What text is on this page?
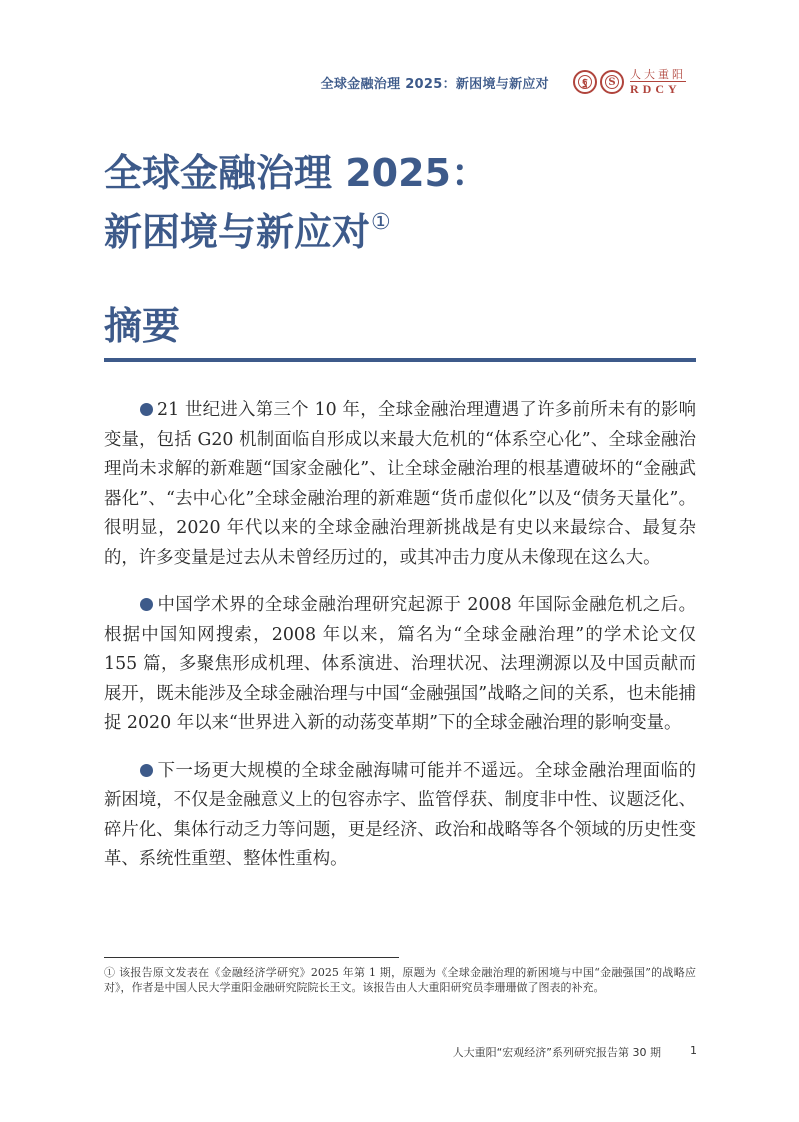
全球金融治理 2025：新困境与新应对	ฐ	S
人大重阳
RDCY
全球金融治理 2025：
新困境与新应对①
摘要

21 世纪进入第三个 10 年，全球金融治理遭遇了许多前所未有的影响变量，包括 G20 机制面临自形成以来最大危机的“体系空心化”、全球金融治理尚未求解的新难题“国家金融化”、让全球金融治理的根基遭破坏的“金融武器化”、“去中心化”全球金融治理的新难题“货币虚似化”以及“债务天量化”。很明显，2020 年代以来的全球金融治理新挑战是有史以来最综合、最复杂的，许多变量是过去从未曾经历过的，或其冲击力度从未像现在这么大。

中国学术界的全球金融治理研究起源于 2008 年国际金融危机之后。根据中国知网搜索，2008 年以来，篇名为“全球金融治理”的学术论文仅 155 篇，多聚焦形成机理、体系演进、治理状况、法理溯源以及中国贡献而展开，既未能涉及全球金融治理与中国“金融强国”战略之间的关系，也未能捕捉 2020 年以来“世界进入新的动荡变革期”下的全球金融治理的影响变量。

下一场更大规模的全球金融海啸可能并不遥远。全球金融治理面临的新困境，不仅是金融意义上的包容赤字、监管俘获、制度非中性、议题泛化、碎片化、集体行动乏力等问题，更是经济、政治和战略等各个领域的历史性变革、系统性重塑、整体性重构。

① 该报告原文发表在《金融经济学研究》2025 年第 1 期，原题为《全球金融治理的新困境与中国“金融强国”的战略应对》，作者是中国人民大学重阳金融研究院院长王文。该报告由人大重阳研究员李珊珊做了图表的补充。

人大重阳“宏观经济”系列研究报告第 30 期	1
